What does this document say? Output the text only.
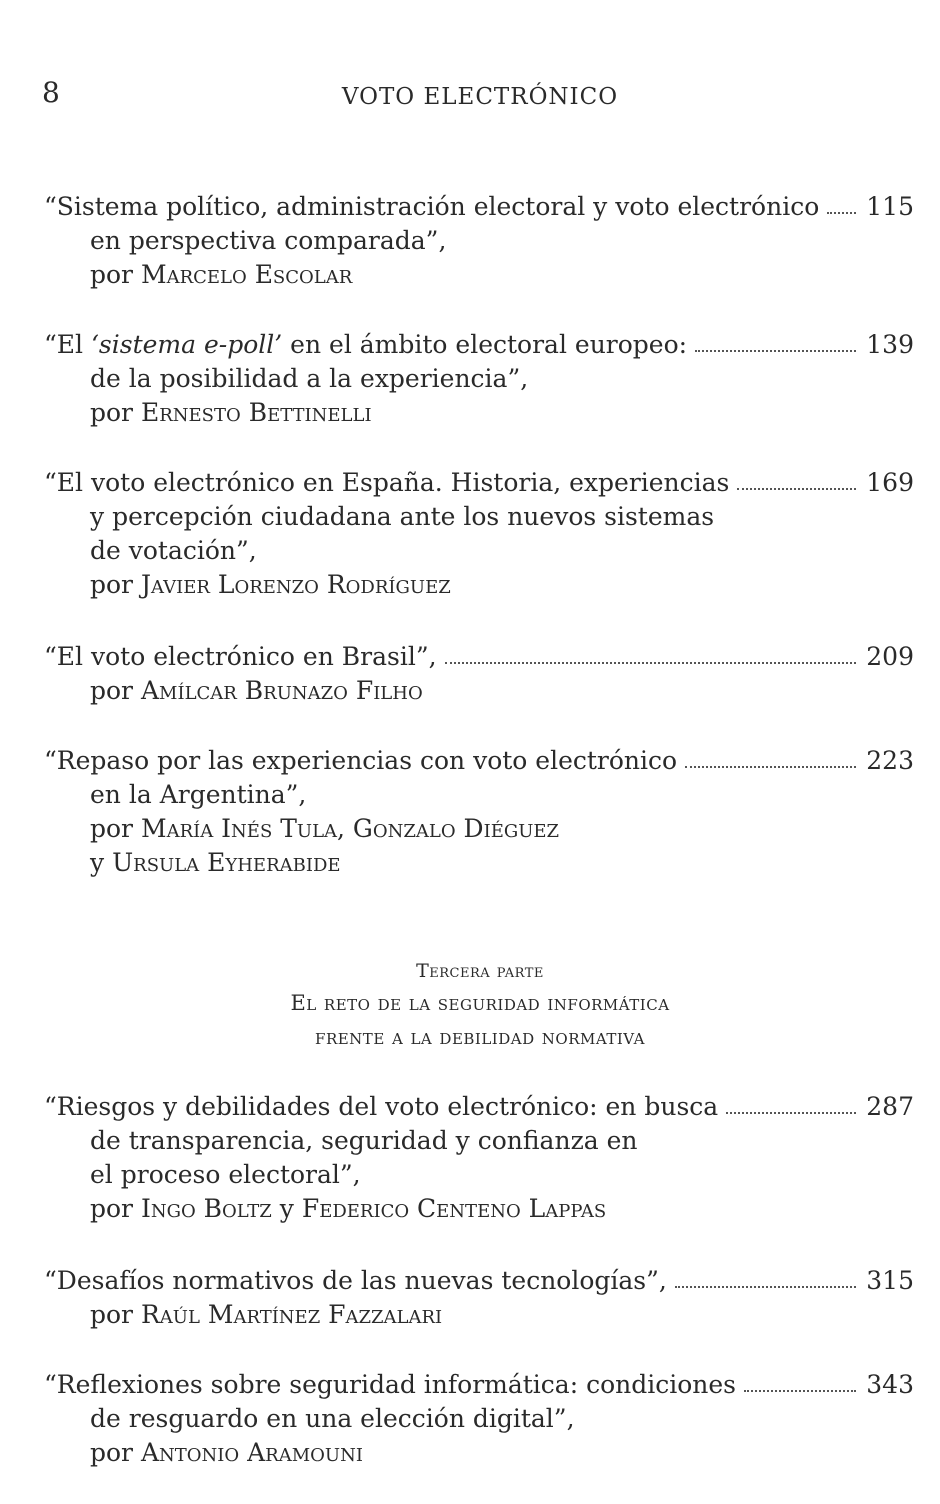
8	VOTO ELECTRÓNICO
“Sistema político, administración electoral y voto electrónico 115
en perspectiva comparada”,
por Marcelo Escolar
“El ‘sistema e-poll’ en el ámbito electoral europeo:	139
de la posibilidad a la experiencia”,
por Ernesto Bettinelli
“El voto electrónico en España. Historia, experiencias	169
y percepción ciudadana ante los nuevos sistemas
de votación”,
por Javier Lorenzo Rodríguez
“El voto electrónico en Brasil”,	209
por Amílcar Brunazo Filho
“Repaso por las experiencias con voto electrónico	223
en la Argentina”,
por María Inés Tula, Gonzalo Diéguez
y Ursula Eyherabide
Tercera parte
El reto de la seguridad informática
frente a la debilidad normativa
“Riesgos y debilidades del voto electrónico: en busca	287
de transparencia, seguridad y confianza en
el proceso electoral”,
por Ingo Boltz y Federico Centeno Lappas
“Desafíos normativos de las nuevas tecnologías”,	315
por Raúl Martínez Fazzalari
“Reflexiones sobre seguridad informática: condiciones	343
de resguardo en una elección digital”,
por Antonio Aramouni
